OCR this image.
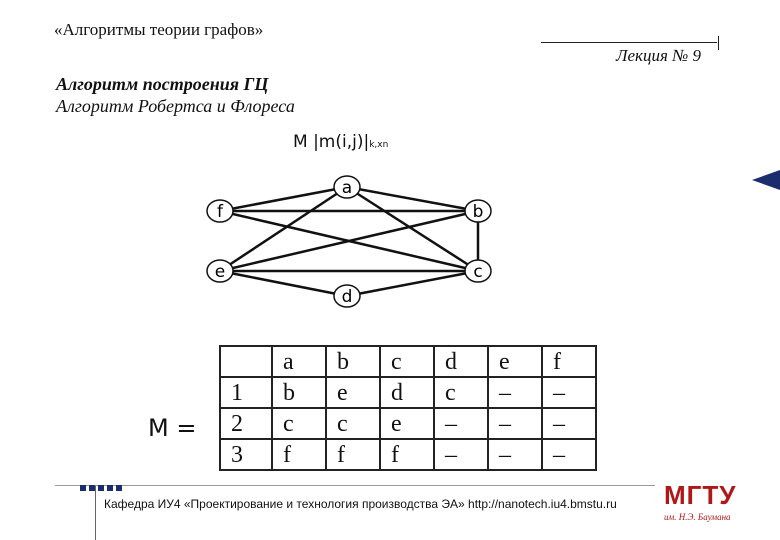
«Алгоритмы теории графов»
Лекция № 9
Алгоритм построения ГЦ
Алгоритм Робертса и Флореса
M |m(i,j)|k,xn
a
b
c
d
e
f
M =
	a	b	c	d	e	f
1	b	e	d	c	–	–
2	c	c	e	–	–	–
3	f	f	f	–	–	–
Кафедра ИУ4 «Проектирование и технология производства ЭА» http://nanotech.iu4.bmstu.ru МГТУ
им. Н.Э. Баумана
